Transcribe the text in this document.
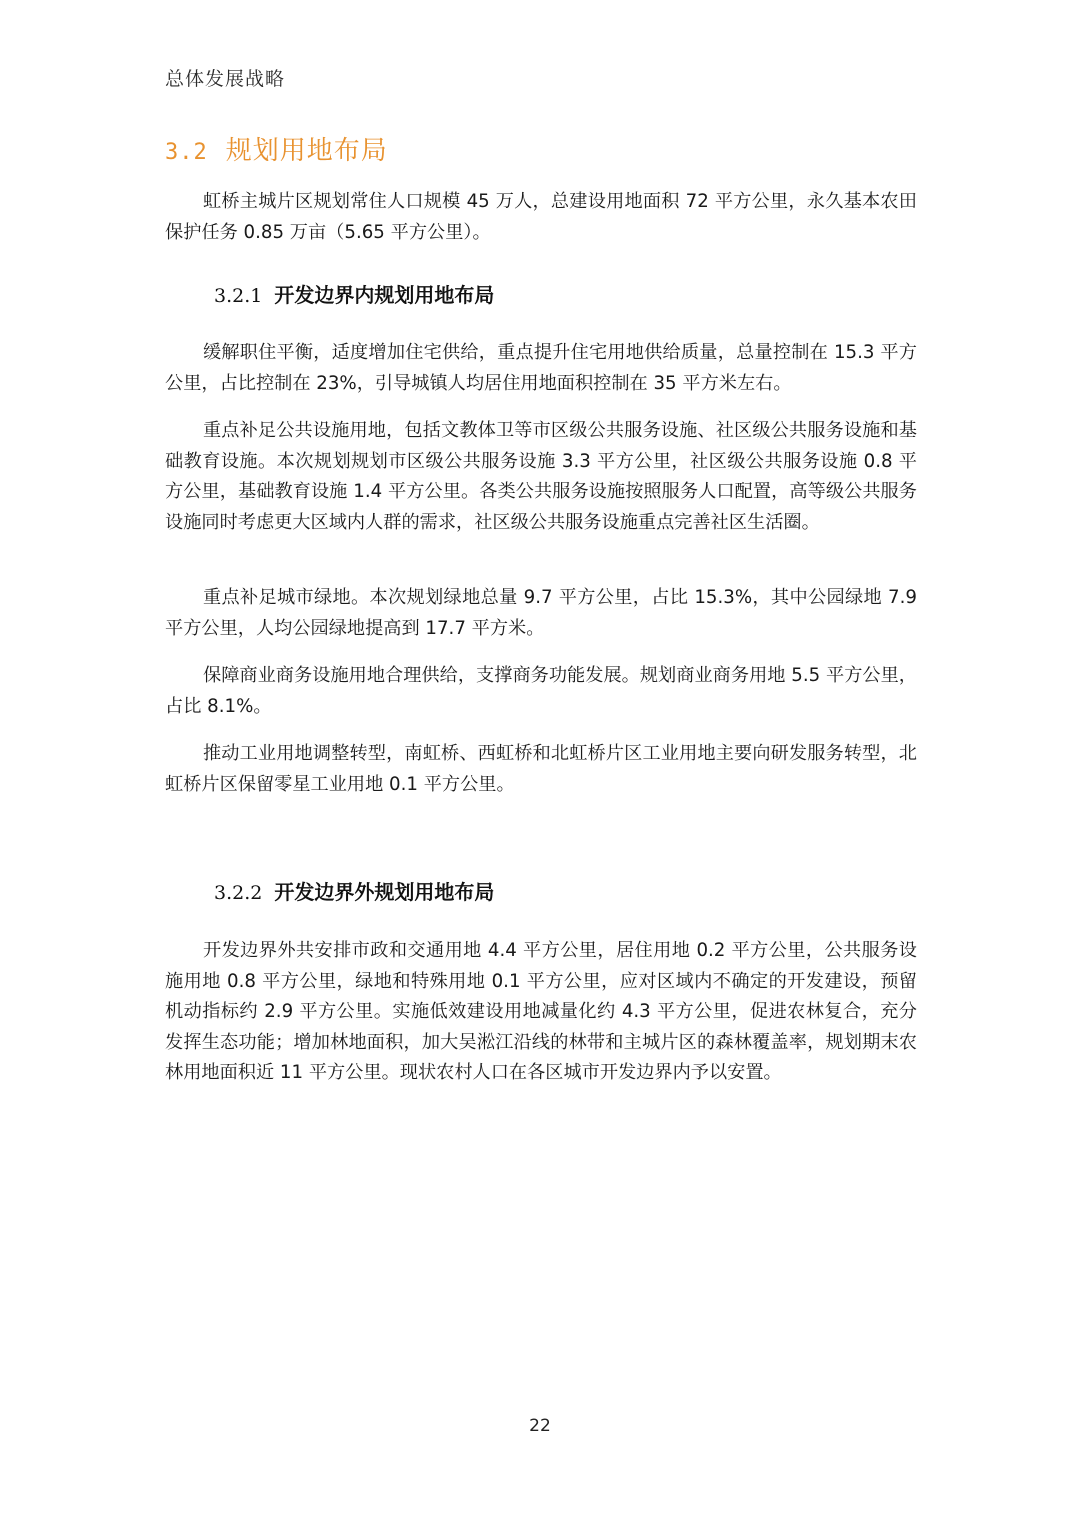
总体发展战略
3.2 规划用地布局

虹桥主城片区规划常住人口规模 45 万人，总建设用地面积 72 平方公里，永久基本农田保护任务 0.85 万亩（5.65 平方公里）。

3.2.1 开发边界内规划用地布局

缓解职住平衡，适度增加住宅供给，重点提升住宅用地供给质量，总量控制在 15.3 平方公里，占比控制在 23%，引导城镇人均居住用地面积控制在 35 平方米左右。

重点补足公共设施用地，包括文教体卫等市区级公共服务设施、社区级公共服务设施和基础教育设施。本次规划规划市区级公共服务设施 3.3 平方公里，社区级公共服务设施 0.8 平方公里，基础教育设施 1.4 平方公里。各类公共服务设施按照服务人口配置，高等级公共服务设施同时考虑更大区域内人群的需求，社区级公共服务设施重点完善社区生活圈。

重点补足城市绿地。本次规划绿地总量 9.7 平方公里，占比 15.3%，其中公园绿地 7.9 平方公里，人均公园绿地提高到 17.7 平方米。

保障商业商务设施用地合理供给，支撑商务功能发展。规划商业商务用地 5.5 平方公里，占比 8.1%。

推动工业用地调整转型，南虹桥、西虹桥和北虹桥片区工业用地主要向研发服务转型，北虹桥片区保留零星工业用地 0.1 平方公里。

3.2.2 开发边界外规划用地布局

开发边界外共安排市政和交通用地 4.4 平方公里，居住用地 0.2 平方公里，公共服务设施用地 0.8 平方公里，绿地和特殊用地 0.1 平方公里，应对区域内不确定的开发建设，预留机动指标约 2.9 平方公里。实施低效建设用地减量化约 4.3 平方公里，促进农林复合，充分发挥生态功能；增加林地面积，加大吴淞江沿线的林带和主城片区的森林覆盖率，规划期末农林用地面积近 11 平方公里。现状农村人口在各区城市开发边界内予以安置。

22
